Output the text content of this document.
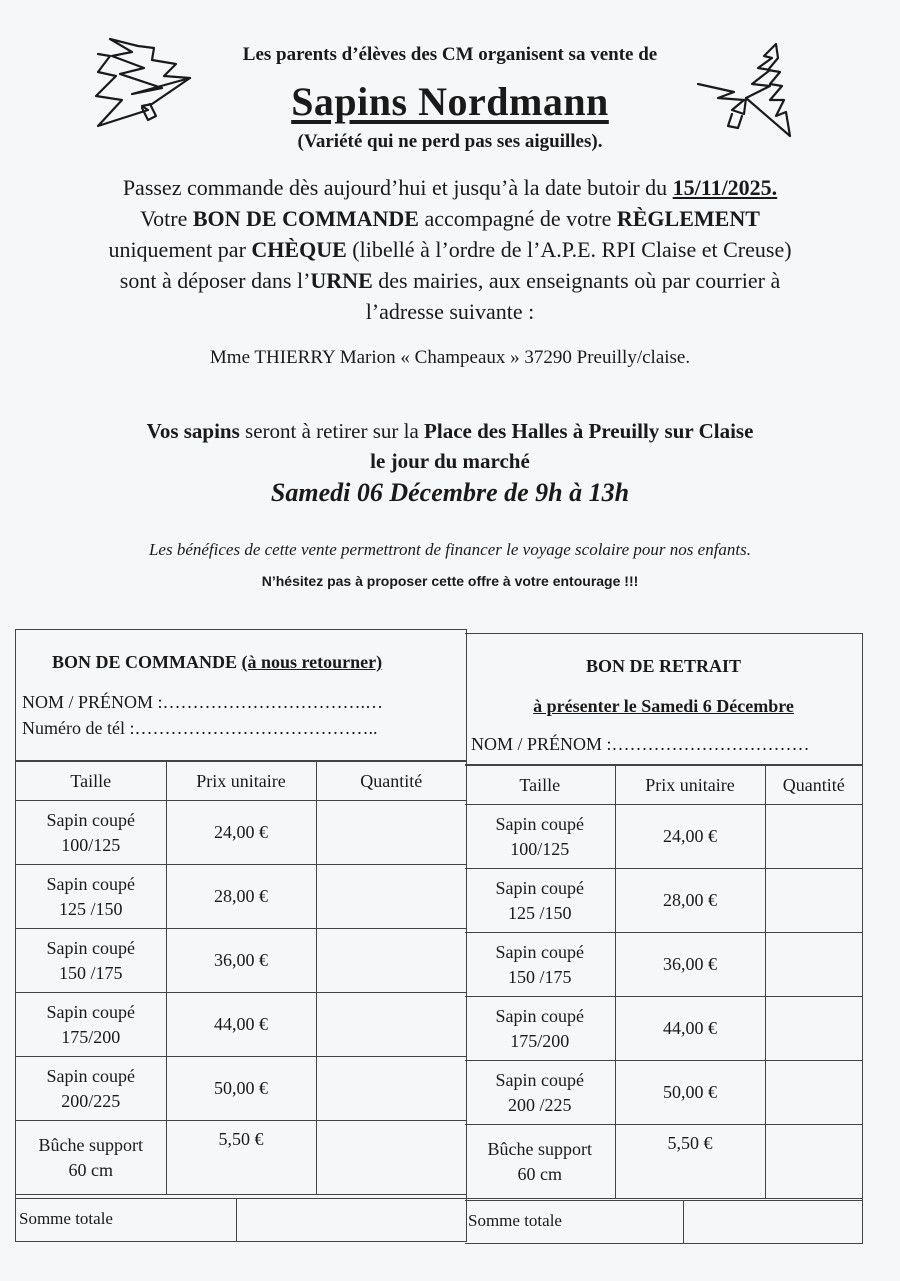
Les parents d’élèves des CM organisent sa vente de
Sapins Nordmann
(Variété qui ne perd pas ses aiguilles).
Passez commande dès aujourd’hui et jusqu’à la date butoir du 15/11/2025.
Votre BON DE COMMANDE accompagné de votre RÈGLEMENT
uniquement par CHÈQUE (libellé à l’ordre de l’A.P.E. RPI Claise et Creuse)
sont à déposer dans l’URNE des mairies, aux enseignants où par courrier à
l’adresse suivante :
Mme THIERRY Marion « Champeaux » 37290 Preuilly/claise.
Vos sapins seront à retirer sur la Place des Halles à Preuilly sur Claise
le jour du marché
Samedi 06 Décembre de 9h à 13h
Les bénéfices de cette vente permettront de financer le voyage scolaire pour nos enfants.
N’hésitez pas à proposer cette offre à votre entourage !!!
BON DE COMMANDE (à nous retourner)
NOM / PRÉNOM :…………………………….…
Numéro de tél :…………………………………..
Taille	Prix unitaire	Quantité

Sapin coupé
100/125	24,00 €	

Sapin coupé
125 /150	28,00 €	

Sapin coupé
150 /175	36,00 €	

Sapin coupé
175/200	44,00 €	

Sapin coupé
200/225	50,00 €	

Bûche support
60 cm	5,50 €	
Somme totale
BON DE RETRAIT
à présenter le Samedi 6 Décembre
NOM / PRÉNOM :……………………………
Taille	Prix unitaire	Quantité

Sapin coupé
100/125	24,00 €	

Sapin coupé
125 /150	28,00 €	

Sapin coupé
150 /175	36,00 €	

Sapin coupé
175/200	44,00 €	

Sapin coupé
200 /225	50,00 €	

Bûche support
60 cm	5,50 €	
Somme totale
